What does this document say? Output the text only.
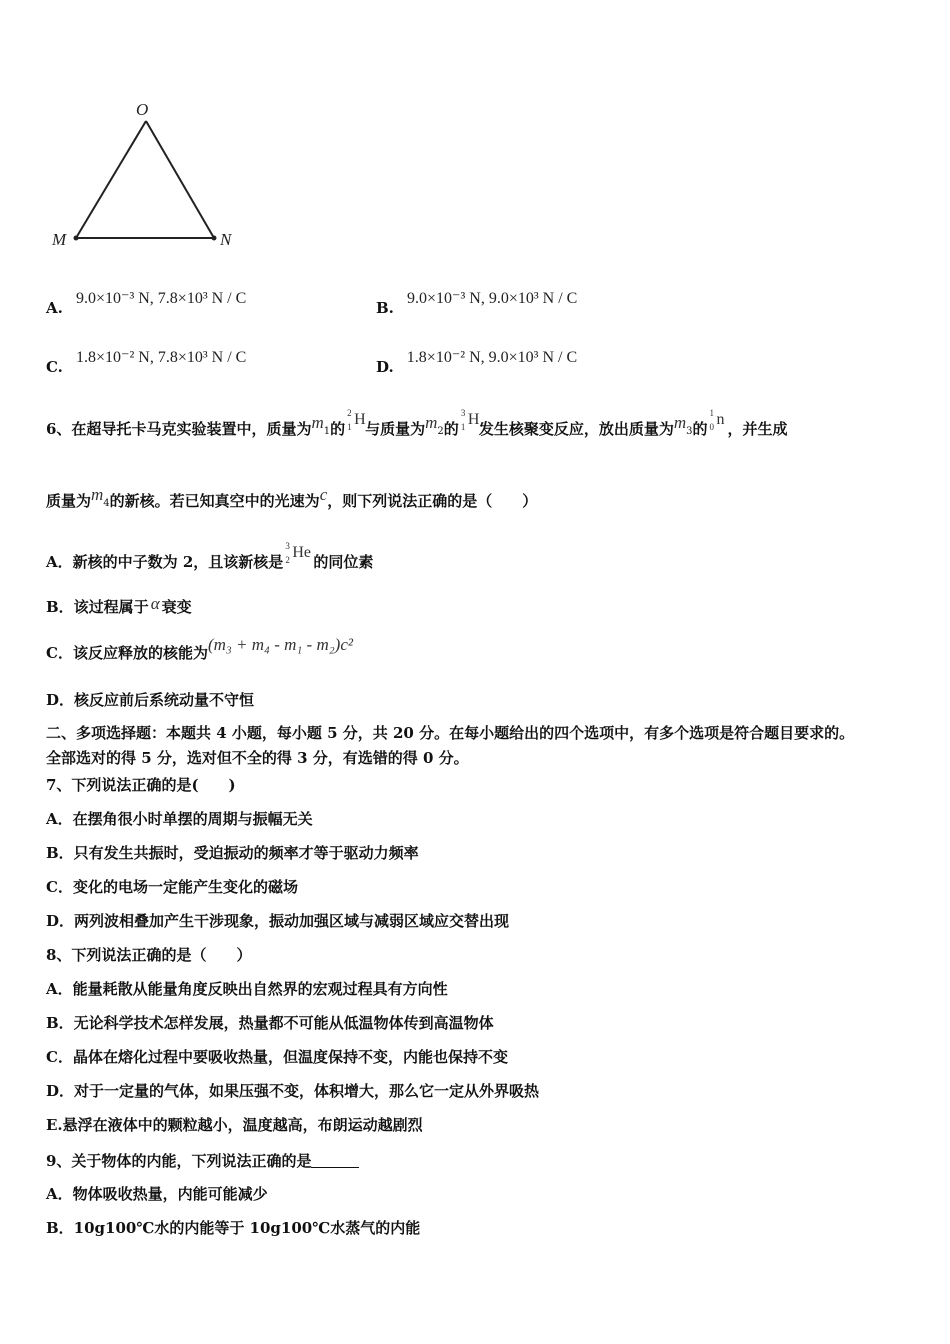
O
M	N
A. 9.0×10⁻³ N, 7.8×10³ N / C
B. 9.0×10⁻³ N, 9.0×10³ N / C
C. 1.8×10⁻² N, 7.8×10³ N / C
D. 1.8×10⁻² N, 9.0×10³ N / C
6、在超导托卡马克实验装置中，质量为$m_1$的
2
1 H
与质量为$m_2$的
3
1 H
发生核聚变反应，放出质量为$m_3$的
1
0 n
，并生成
质量为$m_4$的新核。若已知真空中的光速为c，则下列说法正确的是（　　）
A．新核的中子数为 2，且该新核是
3
2 He
的同位素
B．该过程属于 α 衰变
C．该反应释放的核能为(m₃ + m₄ - m₁ - m₂)c²
D．核反应前后系统动量不守恒
二、多项选择题：本题共 4 小题，每小题 5 分，共 20 分。在每小题给出的四个选项中，有多个选项是符合题目要求的。
全部选对的得 5 分，选对但不全的得 3 分，有选错的得 0 分。
7、下列说法正确的是(　　)
A．在摆角很小时单摆的周期与振幅无关
B．只有发生共振时，受迫振动的频率才等于驱动力频率
C．变化的电场一定能产生变化的磁场
D．两列波相叠加产生干涉现象，振动加强区域与减弱区域应交替出现
8、下列说法正确的是（　　）
A．能量耗散从能量角度反映出自然界的宏观过程具有方向性
B．无论科学技术怎样发展，热量都不可能从低温物体传到高温物体
C．晶体在熔化过程中要吸收热量，但温度保持不变，内能也保持不变
D．对于一定量的气体，如果压强不变，体积增大，那么它一定从外界吸热
E.悬浮在液体中的颗粒越小，温度越高，布朗运动越剧烈
9、关于物体的内能，下列说法正确的是
A．物体吸收热量，内能可能减少
B．10g100℃水的内能等于 10g100℃水蒸气的内能
